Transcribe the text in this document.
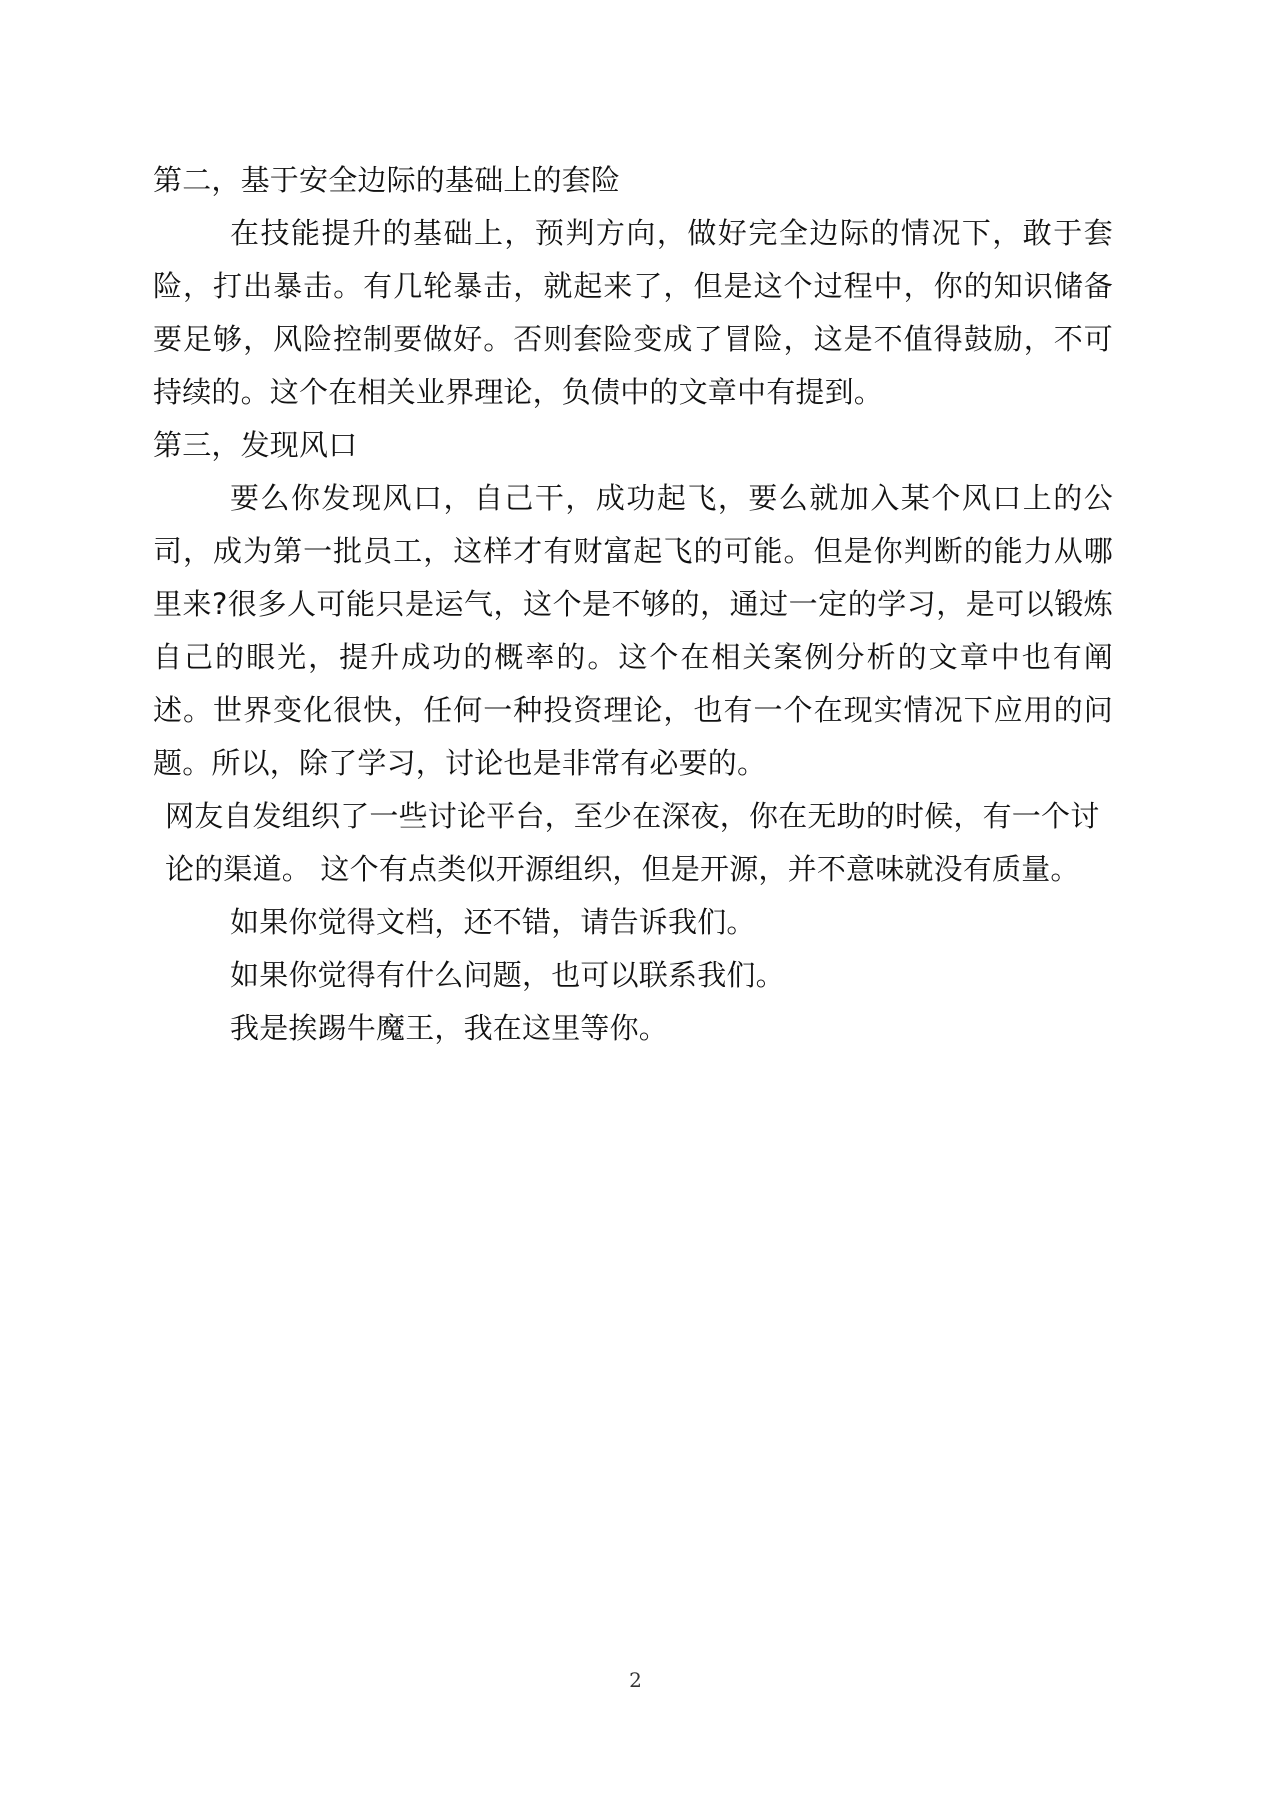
第二，基于安全边际的基础上的套险

在技能提升的基础上，预判方向，做好完全边际的情况下，敢于套险，打出暴击。有几轮暴击，就起来了，但是这个过程中，你的知识储备要足够，风险控制要做好。否则套险变成了冒险，这是不值得鼓励，不可持续的。这个在相关业界理论，负债中的文章中有提到。

第三，发现风口

要么你发现风口，自己干，成功起飞，要么就加入某个风口上的公司，成为第一批员工，这样才有财富起飞的可能。但是你判断的能力从哪里来?很多人可能只是运气，这个是不够的，通过一定的学习，是可以锻炼自己的眼光，提升成功的概率的。这个在相关案例分析的文章中也有阐述。世界变化很快，任何一种投资理论，也有一个在现实情况下应用的问题。所以，除了学习，讨论也是非常有必要的。

网友自发组织了一些讨论平台，至少在深夜，你在无助的时候，有一个讨论的渠道。 这个有点类似开源组织，但是开源，并不意味就没有质量。

如果你觉得文档，还不错，请告诉我们。

如果你觉得有什么问题，也可以联系我们。

我是挨踢牛魔王，我在这里等你。

2
